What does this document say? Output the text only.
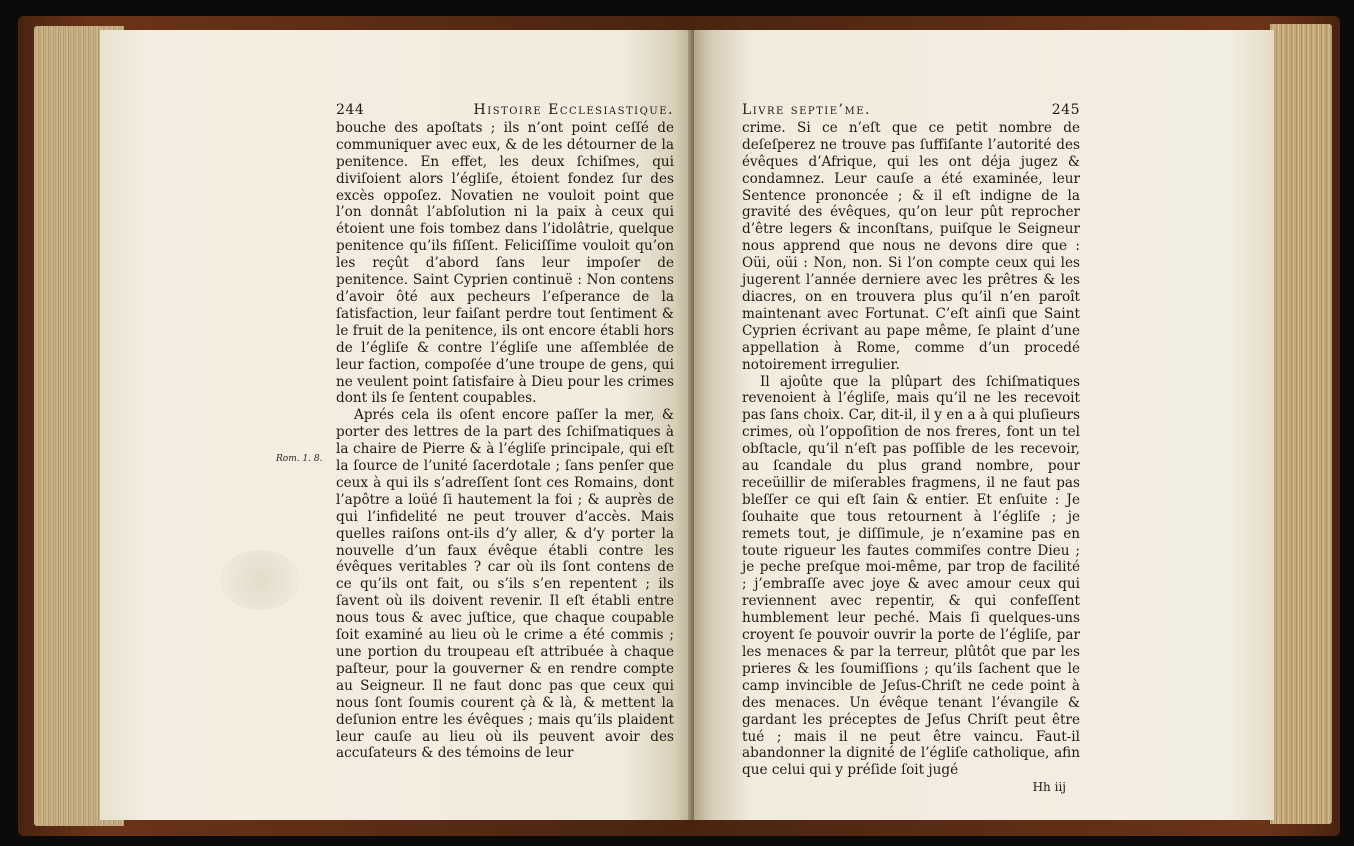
244	Histoire Ecclesiastique.

bouche des apoſtats ; ils n’ont point ceſſé de communiquer avec eux, & de les détourner de la penitence. En effet, les deux ſchiſmes, qui diviſoient alors l’égliſe, étoient fondez ſur des excès oppoſez. Novatien ne vouloit point que l’on donnât l’abſolution ni la paix à ceux qui étoient une fois tombez dans l’idolâtrie, quelque penitence qu’ils fiſſent. Feliciſſime vouloit qu’on les reçût d’abord ſans leur impoſer de penitence. Saint Cyprien continuë : Non contens d’avoir ôté aux pecheurs l’eſperance de la ſatisfaction, leur faiſant perdre tout ſentiment & le fruit de la penitence, ils ont encore établi hors de l’égliſe & contre l’égliſe une aſſemblée de leur faction, compoſée d’une troupe de gens, qui ne veulent point ſatisfaire à Dieu pour les crimes dont ils ſe ſentent coupables.

Aprés cela ils oſent encore paſſer la mer, & porter des lettres de la part des ſchiſmatiques à la chaire de Pierre & à l’égliſe principale, qui eſt la ſource de l’unité ſacerdotale ; ſans penſer que ceux à qui ils s’adreſſent ſont ces Romains, dont l’apôtre a loüé ſi hautement la foi ; & auprès de qui l’infidelité ne peut trouver d’accès. Mais quelles raiſons ont-ils d’y aller, & d’y porter la nouvelle d’un faux évêque établi contre les évêques veritables ? car où ils ſont contens de ce qu’ils ont fait, ou s’ils s’en repentent ; ils ſavent où ils doivent revenir. Il eſt établi entre nous tous & avec juſtice, que chaque coupable ſoit examiné au lieu où le crime a été commis ; une portion du troupeau eſt attribuée à chaque paſteur, pour la gouverner & en rendre compte au Seigneur. Il ne faut donc pas que ceux qui nous ſont ſoumis courent çà & là, & mettent la deſunion entre les évêques ; mais qu’ils plaident leur cauſe au lieu où ils peuvent avoir des accuſateurs & des témoins de leur

Rom. 1. 8.
Livre septie’me.	245

crime. Si ce n’eſt que ce petit nombre de deſeſperez ne trouve pas ſuffiſante l’autorité des évêques d’Afrique, qui les ont déja jugez & condamnez. Leur cauſe a été examinée, leur Sentence prononcée ; & il eſt indigne de la gravité des évêques, qu’on leur pût reprocher d’être legers & inconſtans, puiſque le Seigneur nous apprend que nous ne devons dire que : Oüi, oüi : Non, non. Si l’on compte ceux qui les jugerent l’année derniere avec les prêtres & les diacres, on en trouvera plus qu’il n’en paroît maintenant avec Fortunat. C’eſt ainſi que Saint Cyprien écrivant au pape même, ſe plaint d’une appellation à Rome, comme d’un procedé notoirement irregulier.

Il ajoûte que la plûpart des ſchiſmatiques revenoient à l’égliſe, mais qu’il ne les recevoit pas ſans choix. Car, dit-il, il y en a à qui pluſieurs crimes, où l’oppoſition de nos freres, font un tel obſtacle, qu’il n’eſt pas poſſible de les recevoir, au ſcandale du plus grand nombre, pour receüillir de miſerables fragmens, il ne faut pas bleſſer ce qui eſt ſain & entier. Et enſuite : Je ſouhaite que tous retournent à l’égliſe ; je remets tout, je diſſimule, je n’examine pas en toute rigueur les fautes commiſes contre Dieu ; je peche preſque moi-même, par trop de facilité ; j’embraſſe avec joye & avec amour ceux qui reviennent avec repentir, & qui confeſſent humblement leur peché. Mais ſi quelques-uns croyent ſe pouvoir ouvrir la porte de l’égliſe, par les menaces & par la terreur, plûtôt que par les prieres & les ſoumiſſions ; qu’ils ſachent que le camp invincible de Jeſus-Chriſt ne cede point à des menaces. Un évêque tenant l’évangile & gardant les préceptes de Jeſus Chriſt peut être tué ; mais il ne peut être vaincu. Faut-il abandonner la dignité de l’égliſe catholique, afin que celui qui y préſide ſoit jugé

Hh iij
